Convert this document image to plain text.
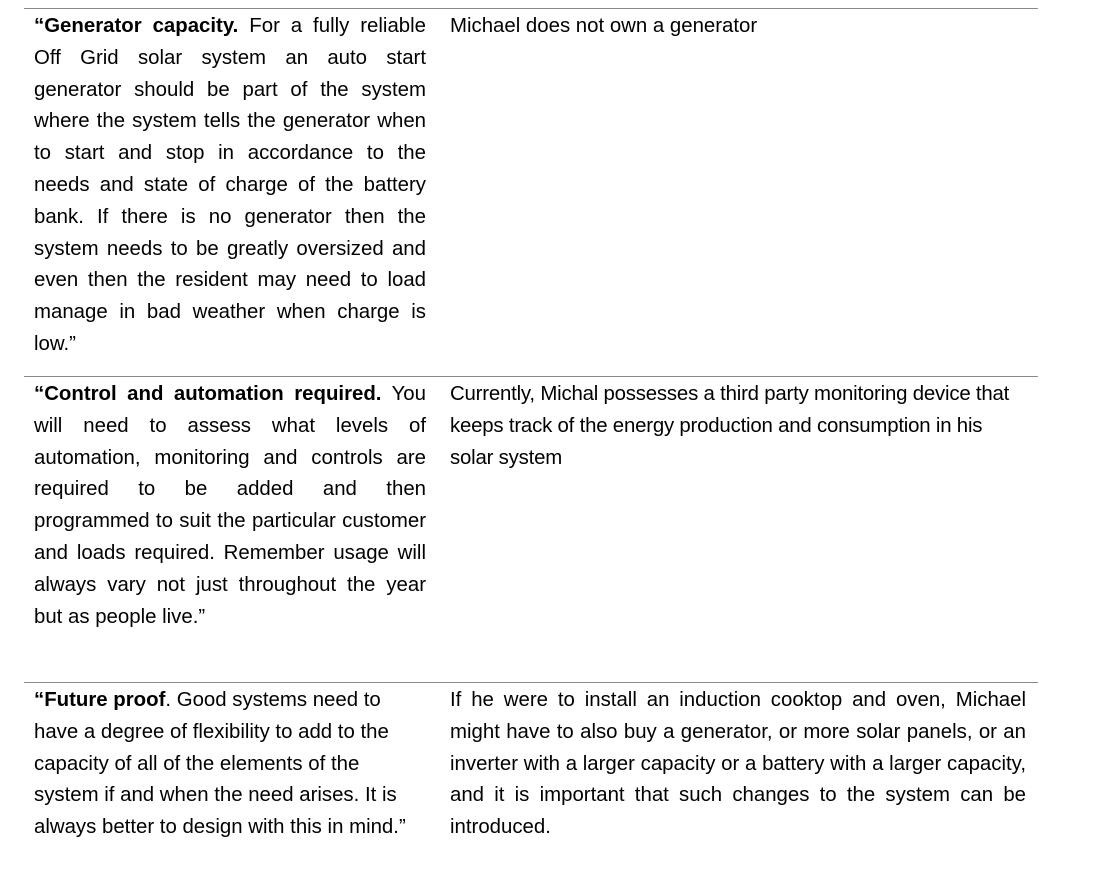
“Generator capacity. For a fully reliable Off Grid solar system an auto start generator should be part of the system where the system tells the generator when to start and stop in accordance to the needs and state of charge of the battery bank. If there is no generator then the system needs to be greatly oversized and even then the resident may need to load manage in bad weather when charge is low.”
Michael does not own a generator
“Control and automation required. You will need to assess what levels of automation, monitoring and controls are required to be added and then programmed to suit the particular customer and loads required. Remember usage will always vary not just throughout the year but as people live.”
Currently, Michal possesses a third party monitoring device that keeps track of the energy production and consumption in his solar system
“Future proof. Good systems need to have a degree of flexibility to add to the capacity of all of the elements of the system if and when the need arises. It is always better to design with this in mind.”
If he were to install an induction cooktop and oven, Michael might have to also buy a generator, or more solar panels, or an inverter with a larger capacity or a battery with a larger capacity, and it is important that such changes to the system can be introduced.
